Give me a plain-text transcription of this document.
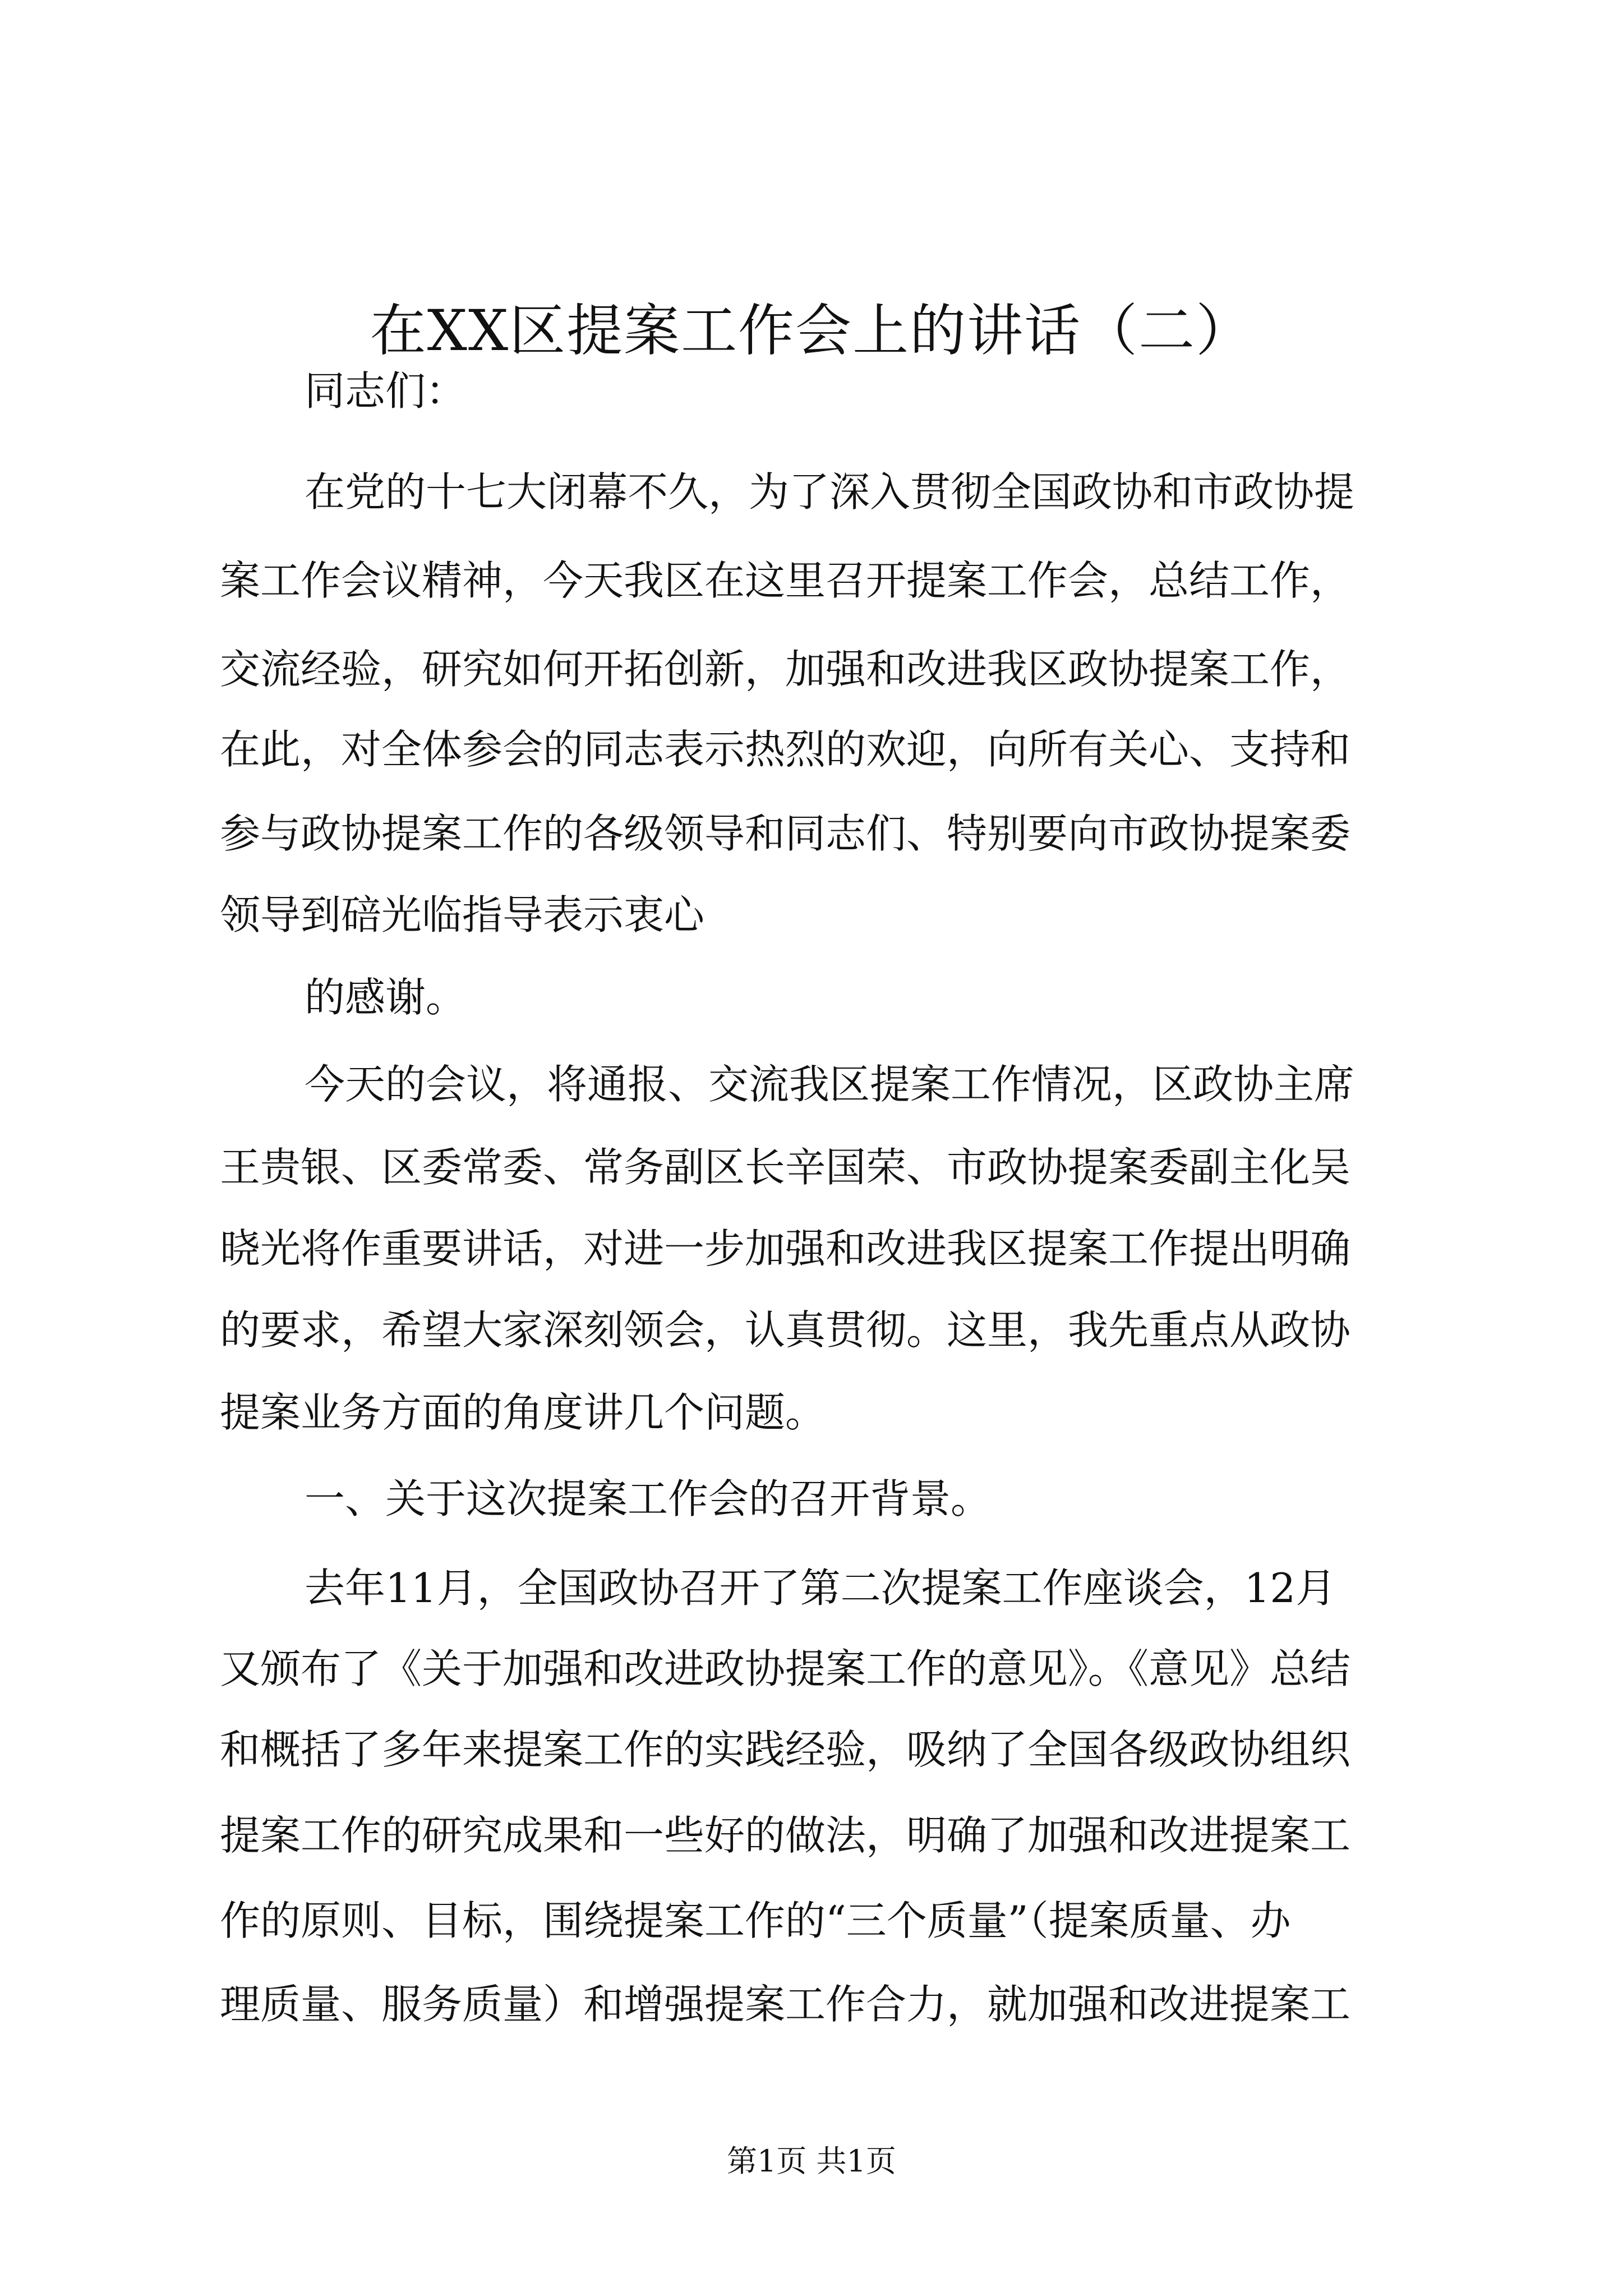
在XX区提案工作会上的讲话（二）

同志们：

在党的十七大闭幕不久，为了深入贯彻全国政协和市政协提

案工作会议精神，今天我区在这里召开提案工作会，总结工作，

交流经验，研究如何开拓创新，加强和改进我区政协提案工作，

在此，对全体参会的同志表示热烈的欢迎，向所有关心、支持和

参与政协提案工作的各级领导和同志们、特别要向市政协提案委

领导到碚光临指导表示衷心

的感谢。

今天的会议，将通报、交流我区提案工作情况，区政协主席

王贵银、区委常委、常务副区长辛国荣、市政协提案委副主化吴

晓光将作重要讲话，对进一步加强和改进我区提案工作提出明确

的要求，希望大家深刻领会，认真贯彻。这里，我先重点从政协

提案业务方面的角度讲几个问题。

一、关于这次提案工作会的召开背景。

去年11月，全国政协召开了第二次提案工作座谈会，12月

又颁布了《关于加强和改进政协提案工作的意见》。《意见》总结

和概括了多年来提案工作的实践经验，吸纳了全国各级政协组织

提案工作的研究成果和一些好的做法，明确了加强和改进提案工

作的原则、目标，围绕提案工作的“三个质量”（提案质量、办

理质量、服务质量）和增强提案工作合力，就加强和改进提案工

第1页 共1页
